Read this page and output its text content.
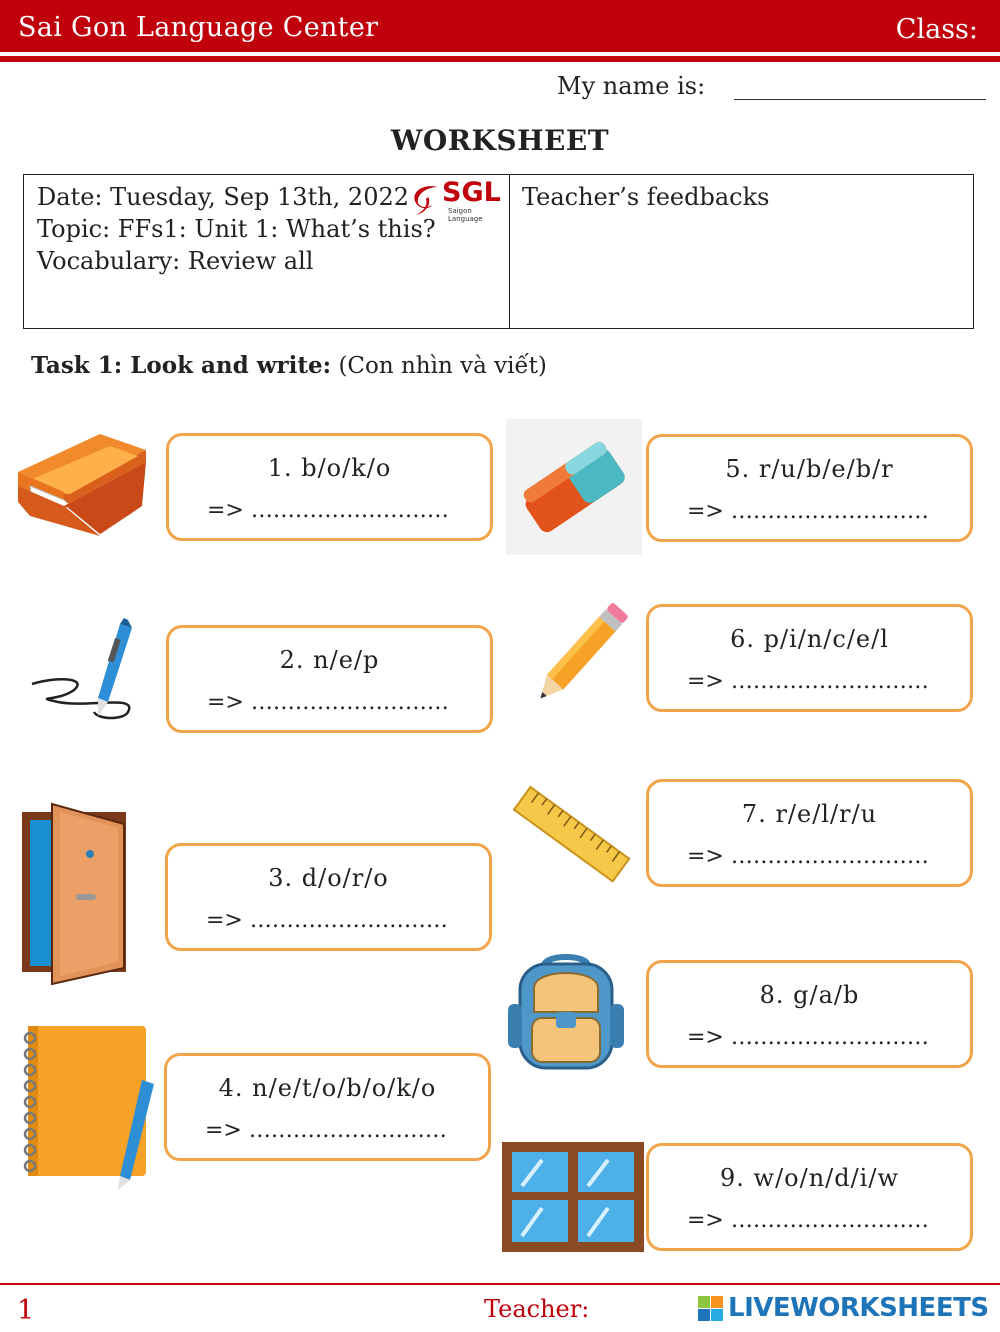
Sai Gon Language Center	Class:
My name is:
WORKSHEET
Date: Tuesday, Sep 13th, 2022
Topic: FFs1: Unit 1: What’s this?
Vocabulary: Review all
SGL
Saigon Language
Teacher’s feedbacks
Task 1: Look and write: (Con nhìn và viết)
1. b/o/k/o
=> ………………………
2. n/e/p
=> ………………………
3. d/o/r/o
=> ………………………
4. n/e/t/o/b/o/k/o
=> ………………………
5. r/u/b/e/b/r
=> ………………………
6. p/i/n/c/e/l
=> ………………………
7. r/e/l/r/u
=> ………………………
8. g/a/b
=> ………………………
9. w/o/n/d/i/w
=> ………………………
1	Teacher:	LIVEWORKSHEETS
